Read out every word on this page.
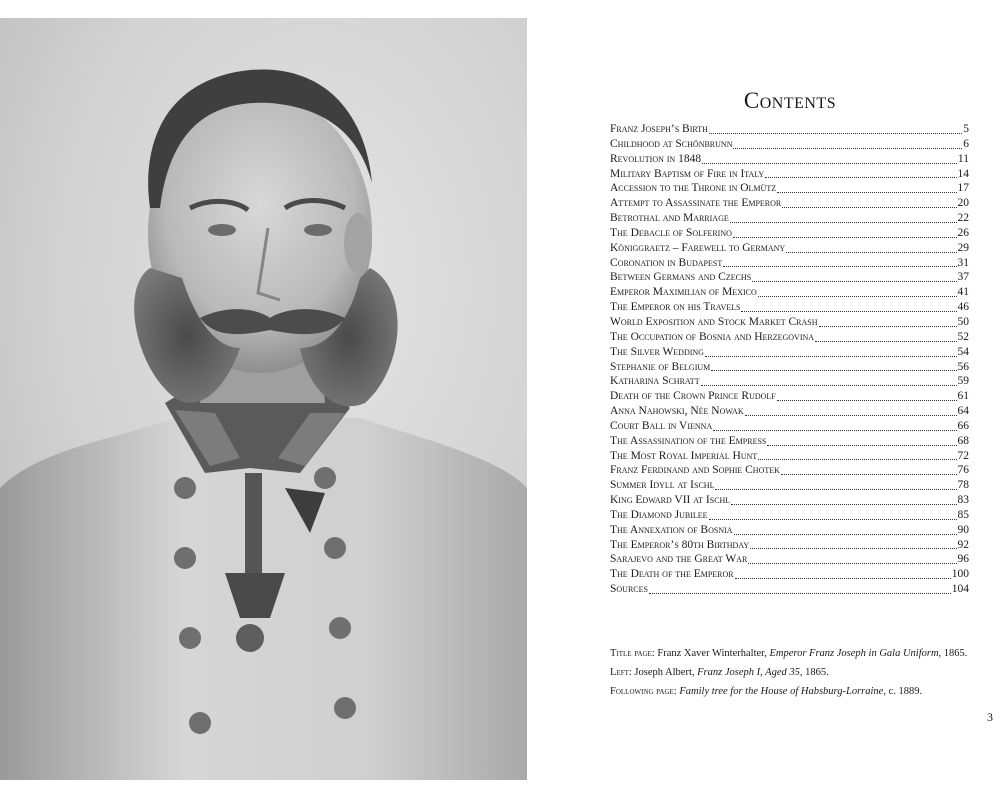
Contents
Franz Joseph’s Birth	5
Childhood at Schönbrunn	6
Revolution in 1848	11
Military Baptism of Fire in Italy	14
Accession to the Throne in Olmütz	17
Attempt to Assassinate the Emperor	20
Betrothal and Marriage	22
The Debacle of Solferino	26
Königgraetz – Farewell to Germany	29
Coronation in Budapest	31
Between Germans and Czechs	37
Emperor Maximilian of Mexico	41
The Emperor on his Travels	46
World Exposition and Stock Market Crash	50
The Occupation of Bosnia and Herzegovina	52
The Silver Wedding	54
Stephanie of Belgium	56
Katharina Schratt	59
Death of the Crown Prince Rudolf	61
Anna Nahowski, Née Nowak	64
Court Ball in Vienna	66
The Assassination of the Empress	68
The Most Royal Imperial Hunt	72
Franz Ferdinand and Sophie Chotek	76
Summer Idyll at Ischl	78
King Edward VII at Ischl	83
The Diamond Jubilee	85
The Annexation of Bosnia	90
The Emperor’s 80th Birthday	92
Sarajevo and the Great War	96
The Death of the Emperor	100
Sources	104

Title page: Franz Xaver Winterhalter, Emperor Franz Joseph in Gala Uniform, 1865.

Left: Joseph Albert, Franz Joseph I, Aged 35, 1865.

Following page: Family tree for the House of Habsburg-Lorraine, c. 1889.

3
